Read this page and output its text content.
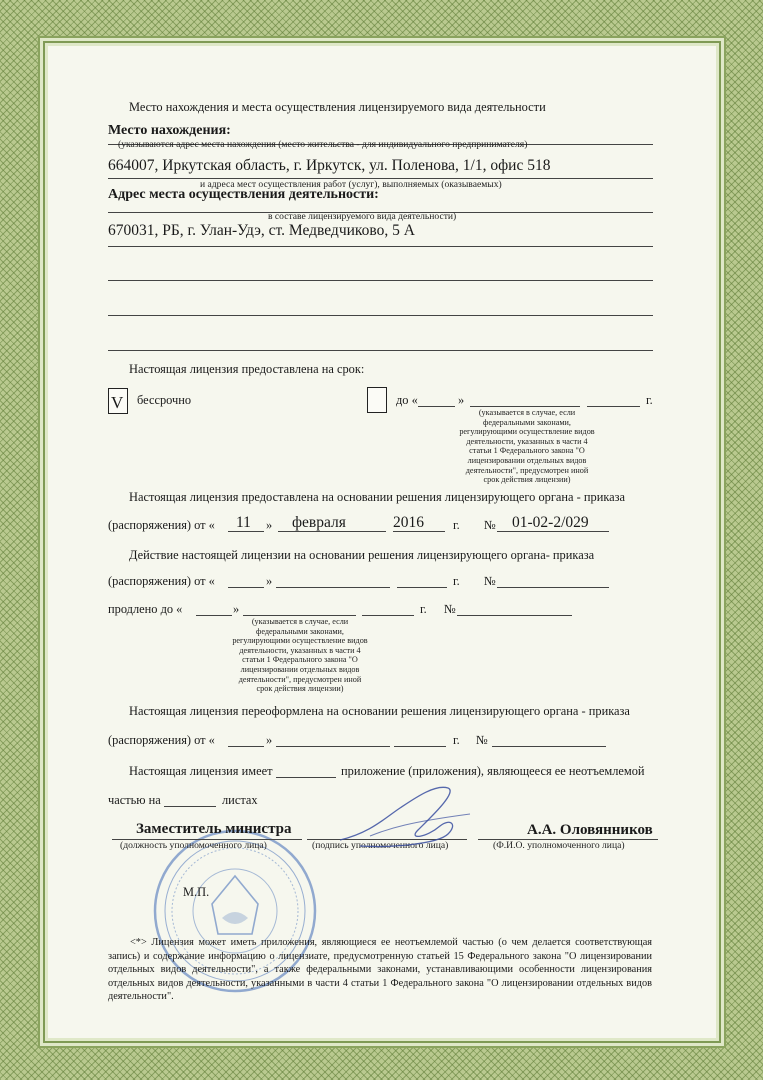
Место нахождения и места осуществления лицензируемого вида деятельности
Место нахождения:
(указываются адрес места нахождения (место жительства - для индивидуального предпринимателя)
664007, Иркутская область, г. Иркутск, ул. Поленова, 1/1, офис 518
и адреса мест осуществления работ (услуг), выполняемых (оказываемых)
Адрес места осуществления деятельности:
в составе лицензируемого вида деятельности)
670031, РБ, г. Улан-Удэ, ст. Медведчиково, 5 А
Настоящая лицензия предоставлена на срок:
V бессрочно	до «	»	г.
(указывается в случае, если федеральными законами, регулирующими осуществление видов деятельности, указанных в части 4 статьи 1 Федерального закона "О лицензировании отдельных видов деятельности", предусмотрен иной срок действия лицензии)
Настоящая лицензия предоставлена на основании решения лицензирующего органа - приказа
(распоряжения) от « 11 » февраля	2016 г. № 01-02-2/029
Действие настоящей лицензии на основании решения лицензирующего органа- приказа
(распоряжения) от «	»	г. №
продлено до «	»	г. №
(указывается в случае, если федеральными законами, регулирующими осуществление видов деятельности, указанных в части 4 статьи 1 Федерального закона "О лицензировании отдельных видов деятельности", предусмотрен иной срок действия лицензии)
Настоящая лицензия переоформлена на основании решения лицензирующего органа - приказа
(распоряжения) от «	»	г. №
Настоящая лицензия имеет	приложение (приложения), являющееся ее неотъемлемой
частью на	листах
М.П.
Заместитель министра
(должность уполномоченного лица)	(подпись уполномоченного лица)
А.А. Оловянников
(Ф.И.О. уполномоченного лица)
<*> Лицензия может иметь приложения, являющиеся ее неотъемлемой частью (о чем делается соответствующая запись) и содержание информацию о лицензиате, предусмотренную статьей 15 Федерального закона "О лицензировании отдельных видов деятельности", а также федеральными законами, устанавливающими особенности лицензирования отдельных видов деятельности, указанными в части 4 статьи 1 Федерального закона "О лицензировании отдельных видов деятельности".
